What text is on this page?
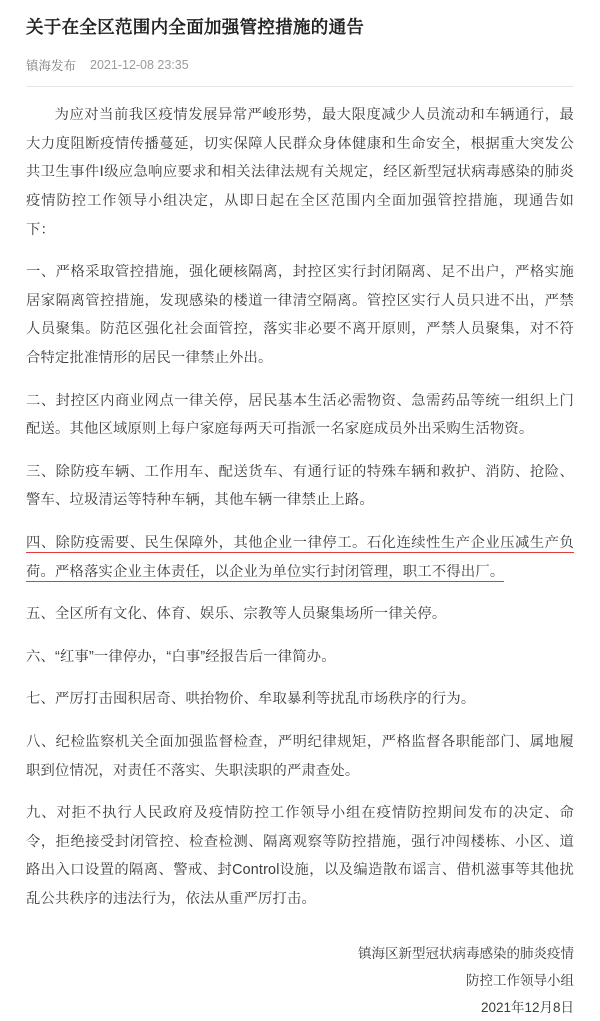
关于在全区范围内全面加强管控措施的通告
镇海发布 2021-12-08 23:35

为应对当前我区疫情发展异常严峻形势，最大限度减少人员流动和车辆通行，最大力度阻断疫情传播蔓延，切实保障人民群众身体健康和生命安全，根据重大突发公共卫生事件Ⅰ级应急响应要求和相关法律法规有关规定，经区新型冠状病毒感染的肺炎疫情防控工作领导小组决定，从即日起在全区范围内全面加强管控措施，现通告如下：

一、严格采取管控措施，强化硬核隔离，封控区实行封闭隔离、足不出户，严格实施居家隔离管控措施，发现感染的楼道一律清空隔离。管控区实行人员只进不出，严禁人员聚集。防范区强化社会面管控，落实非必要不离开原则，严禁人员聚集，对不符合特定批准情形的居民一律禁止外出。

二、封控区内商业网点一律关停，居民基本生活必需物资、急需药品等统一组织上门配送。其他区域原则上每户家庭每两天可指派一名家庭成员外出采购生活物资。

三、除防疫车辆、工作用车、配送货车、有通行证的特殊车辆和救护、消防、抢险、警车、垃圾清运等特种车辆，其他车辆一律禁止上路。

四、除防疫需要、民生保障外，其他企业一律停工。石化连续性生产企业压减生产负荷。严格落实企业主体责任，以企业为单位实行封闭管理，职工不得出厂。

五、全区所有文化、体育、娱乐、宗教等人员聚集场所一律关停。

六、“红事”一律停办，“白事”经报告后一律简办。

七、严厉打击囤积居奇、哄抬物价、牟取暴利等扰乱市场秩序的行为。

八、纪检监察机关全面加强监督检查，严明纪律规矩，严格监督各职能部门、属地履职到位情况，对责任不落实、失职渎职的严肃查处。

九、对拒不执行人民政府及疫情防控工作领导小组在疫情防控期间发布的决定、命令，拒绝接受封闭管控、检查检测、隔离观察等防控措施，强行冲闯楼栋、小区、道路出入口设置的隔离、警戒、封Control设施，以及编造散布谣言、借机滋事等其他扰乱公共秩序的违法行为，依法从重严厉打击。

镇海区新型冠状病毒感染的肺炎疫情
防控工作领导小组
2021年12月8日
